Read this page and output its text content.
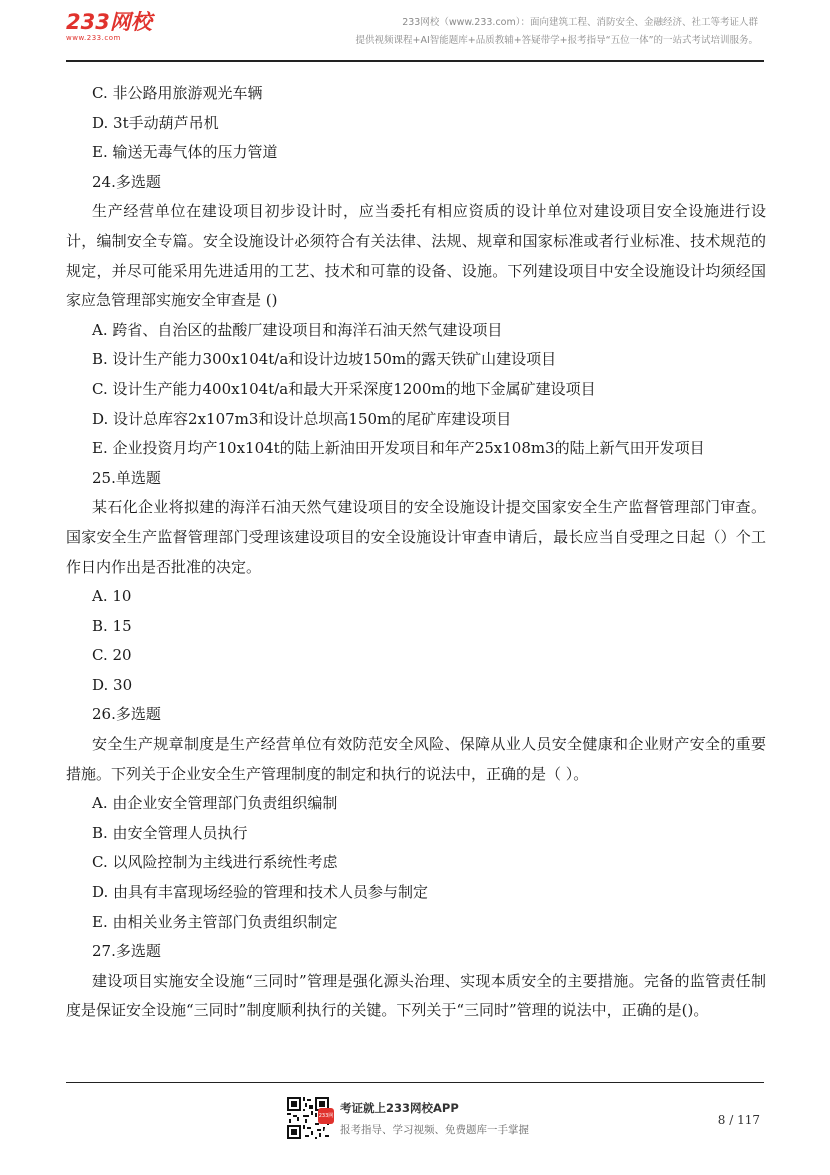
233网校
www.233.com
233网校（www.233.com）：面向建筑工程、消防安全、金融经济、社工等考证人群
提供视频课程+AI智能题库+品质教辅+答疑带学+报考指导“五位一体”的一站式考试培训服务。
C. 非公路用旅游观光车辆
D. 3t手动葫芦吊机
E. 输送无毒气体的压力管道
24.多选题
生产经营单位在建设项目初步设计时，应当委托有相应资质的设计单位对建设项目安全设施进行设计，编制安全专篇。安全设施设计必须符合有关法律、法规、规章和国家标准或者行业标准、技术规范的规定，并尽可能采用先进适用的工艺、技术和可靠的设备、设施。下列建设项目中安全设施设计均须经国家应急管理部实施安全审查是 ()
A. 跨省、自治区的盐酸厂建设项目和海洋石油天然气建设项目
B. 设计生产能力300x104t/a和设计边坡150m的露天铁矿山建设项目
C. 设计生产能力400x104t/a和最大开采深度1200m的地下金属矿建设项目
D. 设计总库容2x107m3和设计总坝高150m的尾矿库建设项目
E. 企业投资月均产10x104t的陆上新油田开发项目和年产25x108m3的陆上新气田开发项目
25.单选题
某石化企业将拟建的海洋石油天然气建设项目的安全设施设计提交国家安全生产监督管理部门审查。国家安全生产监督管理部门受理该建设项目的安全设施设计审查申请后，最长应当自受理之日起（）个工作日内作出是否批准的决定。
A. 10
B. 15
C. 20
D. 30
26.多选题
安全生产规章制度是生产经营单位有效防范安全风险、保障从业人员安全健康和企业财产安全的重要措施。下列关于企业安全生产管理制度的制定和执行的说法中，正确的是（ ）。
A. 由企业安全管理部门负责组织编制
B. 由安全管理人员执行
C. 以风险控制为主线进行系统性考虑
D. 由具有丰富现场经验的管理和技术人员参与制定
E. 由相关业务主管部门负责组织制定
27.多选题
建设项目实施安全设施“三同时”管理是强化源头治理、实现本质安全的主要措施。完备的监管责任制度是保证安全设施“三同时”制度顺利执行的关键。下列关于“三同时”管理的说法中，正确的是()。
233网校
考证就上233网校APP
报考指导、学习视频、免费题库一手掌握
8 / 117
